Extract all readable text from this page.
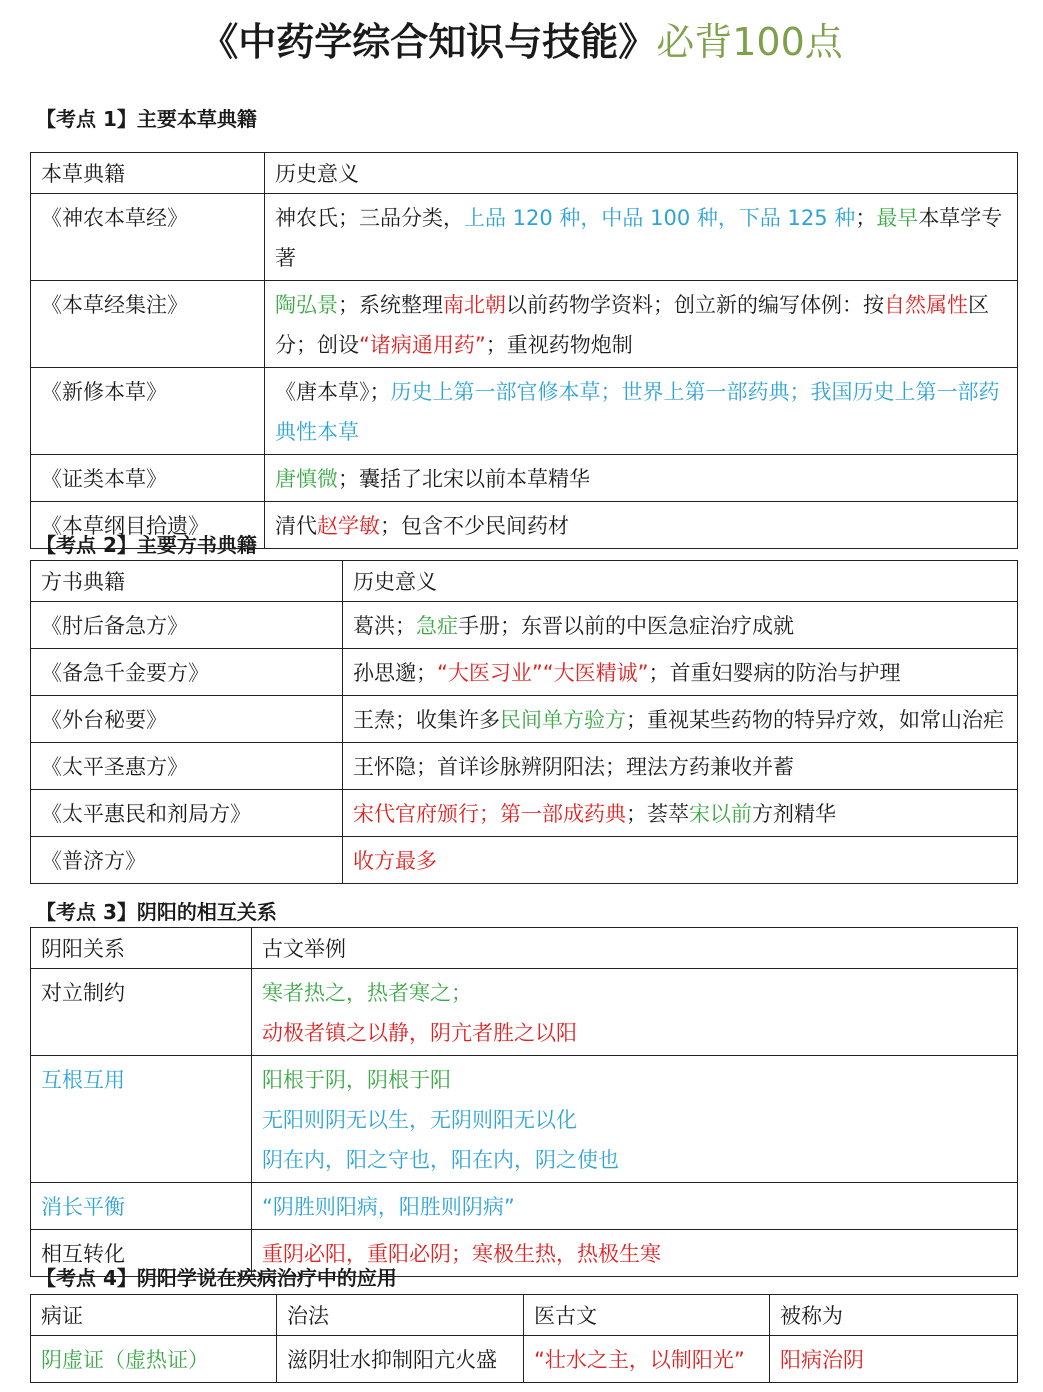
《中药学综合知识与技能》必背100点
【考点 1】主要本草典籍
本草典籍	历史意义
《神农本草经》	神农氏；三品分类，上品 120 种，中品 100 种，下品 125 种；最早本草学专著
《本草经集注》	陶弘景；系统整理南北朝以前药物学资料；创立新的编写体例：按自然属性区分；创设“诸病通用药”；重视药物炮制
《新修本草》	《唐本草》；历史上第一部官修本草；世界上第一部药典；我国历史上第一部药典性本草
《证类本草》	唐慎微；囊括了北宋以前本草精华
《本草纲目拾遗》	清代赵学敏；包含不少民间药材
【考点 2】主要方书典籍
方书典籍	历史意义
《肘后备急方》	葛洪；急症手册；东晋以前的中医急症治疗成就
《备急千金要方》	孙思邈；“大医习业”“大医精诚”；首重妇婴病的防治与护理
《外台秘要》	王焘；收集许多民间单方验方；重视某些药物的特异疗效，如常山治疟
《太平圣惠方》	王怀隐；首详诊脉辨阴阳法；理法方药兼收并蓄
《太平惠民和剂局方》	宋代官府颁行；第一部成药典；荟萃宋以前方剂精华
《普济方》	收方最多
【考点 3】阴阳的相互关系
阴阳关系	古文举例
对立制约	寒者热之，热者寒之；
动极者镇之以静，阴亢者胜之以阳

互根互用	阳根于阴，阴根于阳
无阳则阴无以生，无阴则阳无以化
阴在内，阳之守也，阳在内，阴之使也

消长平衡	“阴胜则阳病，阳胜则阴病”
相互转化	重阴必阳，重阳必阴；寒极生热，热极生寒
【考点 4】阴阳学说在疾病治疗中的应用
病证	治法	医古文	被称为
阴虚证（虚热证）	滋阴壮水抑制阳亢火盛	“壮水之主，以制阳光”	阳病治阴
